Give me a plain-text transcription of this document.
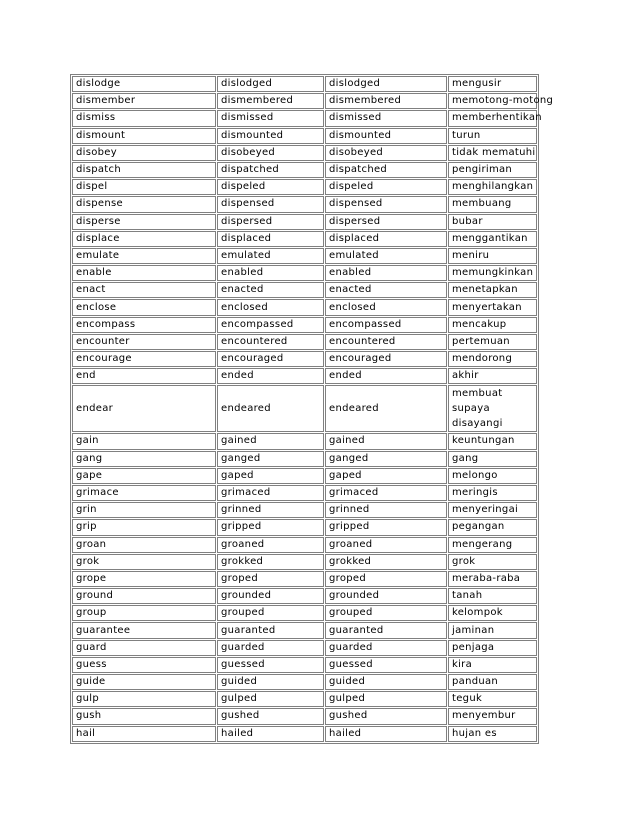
dislodge	dislodged	dislodged	mengusir
dismember	dismembered	dismembered	memotong-motong
dismiss	dismissed	dismissed	memberhentikan
dismount	dismounted	dismounted	turun
disobey	disobeyed	disobeyed	tidak mematuhi
dispatch	dispatched	dispatched	pengiriman
dispel	dispeled	dispeled	menghilangkan
dispense	dispensed	dispensed	membuang
disperse	dispersed	dispersed	bubar
displace	displaced	displaced	menggantikan
emulate	emulated	emulated	meniru
enable	enabled	enabled	memungkinkan
enact	enacted	enacted	menetapkan
enclose	enclosed	enclosed	menyertakan
encompass	encompassed	encompassed	mencakup
encounter	encountered	encountered	pertemuan
encourage	encouraged	encouraged	mendorong
end	ended	ended	akhir
endear	endeared	endeared	membuat supaya disayangi
gain	gained	gained	keuntungan
gang	ganged	ganged	gang
gape	gaped	gaped	melongo
grimace	grimaced	grimaced	meringis
grin	grinned	grinned	menyeringai
grip	gripped	gripped	pegangan
groan	groaned	groaned	mengerang
grok	grokked	grokked	grok
grope	groped	groped	meraba-raba
ground	grounded	grounded	tanah
group	grouped	grouped	kelompok
guarantee	guaranted	guaranted	jaminan
guard	guarded	guarded	penjaga
guess	guessed	guessed	kira
guide	guided	guided	panduan
gulp	gulped	gulped	teguk
gush	gushed	gushed	menyembur
hail	hailed	hailed	hujan es
